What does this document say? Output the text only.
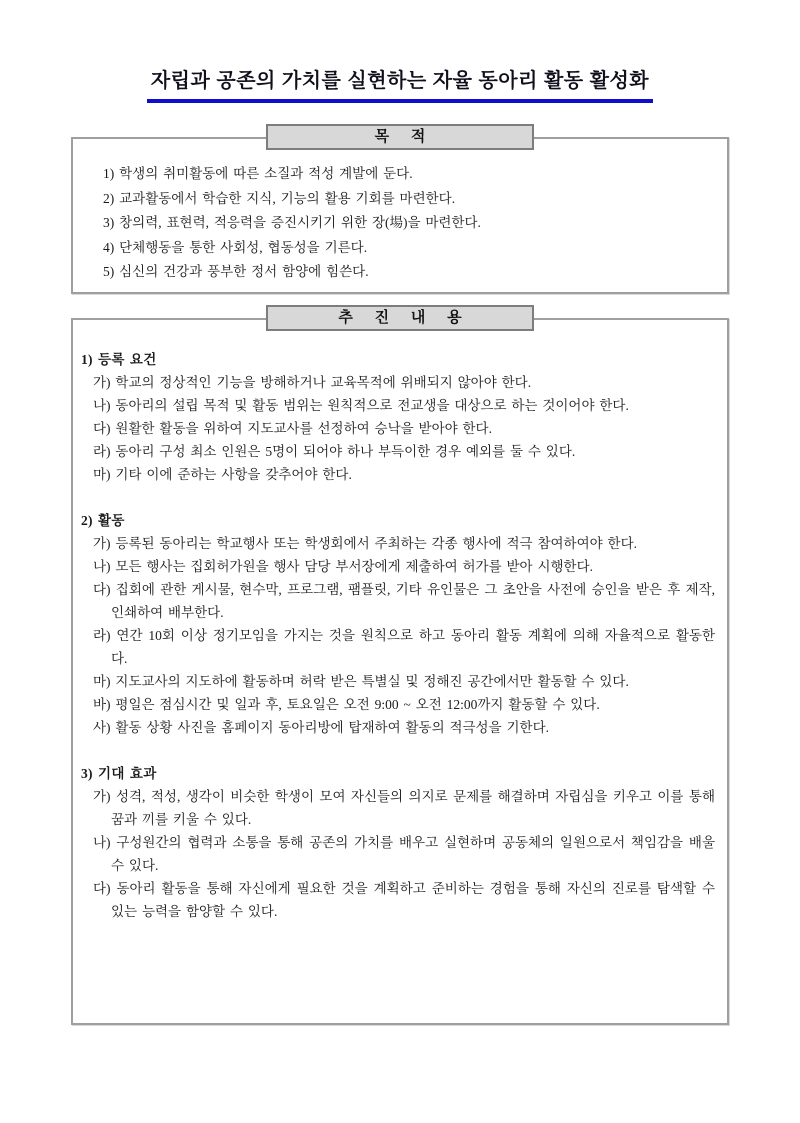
자립과 공존의 가치를 실현하는 자율 동아리 활동 활성화
목 적

1) 학생의 취미활동에 따른 소질과 적성 계발에 둔다.

2) 교과활동에서 학습한 지식, 기능의 활용 기회를 마련한다.

3) 창의력, 표현력, 적응력을 증진시키기 위한 장(場)을 마련한다.

4) 단체행동을 통한 사회성, 협동성을 기른다.

5) 심신의 건강과 풍부한 정서 함양에 힘쓴다.

추 진 내 용
1) 등록 요건

가) 학교의 정상적인 기능을 방해하거나 교육목적에 위배되지 않아야 한다.

나) 동아리의 설립 목적 및 활동 범위는 원칙적으로 전교생을 대상으로 하는 것이어야 한다.

다) 원활한 활동을 위하여 지도교사를 선정하여 승낙을 받아야 한다.

라) 동아리 구성 최소 인원은 5명이 되어야 하나 부득이한 경우 예외를 둘 수 있다.

마) 기타 이에 준하는 사항을 갖추어야 한다.

2) 활동

가) 등록된 동아리는 학교행사 또는 학생회에서 주최하는 각종 행사에 적극 참여하여야 한다.

나) 모든 행사는 집회허가원을 행사 담당 부서장에게 제출하여 허가를 받아 시행한다.

다) 집회에 관한 게시물, 현수막, 프로그램, 팸플릿, 기타 유인물은 그 초안을 사전에 승인을 받은 후 제작, 인쇄하여 배부한다.

라) 연간 10회 이상 정기모임을 가지는 것을 원칙으로 하고 동아리 활동 계획에 의해 자율적으로 활동한다.

마) 지도교사의 지도하에 활동하며 허락 받은 특별실 및 정해진 공간에서만 활동할 수 있다.

바) 평일은 점심시간 및 일과 후, 토요일은 오전 9:00 ~ 오전 12:00까지 활동할 수 있다.

사) 활동 상황 사진을 홈페이지 동아리방에 탑재하여 활동의 적극성을 기한다.

3) 기대 효과

가) 성격, 적성, 생각이 비슷한 학생이 모여 자신들의 의지로 문제를 해결하며 자립심을 키우고 이를 통해 꿈과 끼를 키울 수 있다.

나) 구성원간의 협력과 소통을 통해 공존의 가치를 배우고 실현하며 공동체의 일원으로서 책임감을 배울 수 있다.

다) 동아리 활동을 통해 자신에게 필요한 것을 계획하고 준비하는 경험을 통해 자신의 진로를 탐색할 수 있는 능력을 함양할 수 있다.
